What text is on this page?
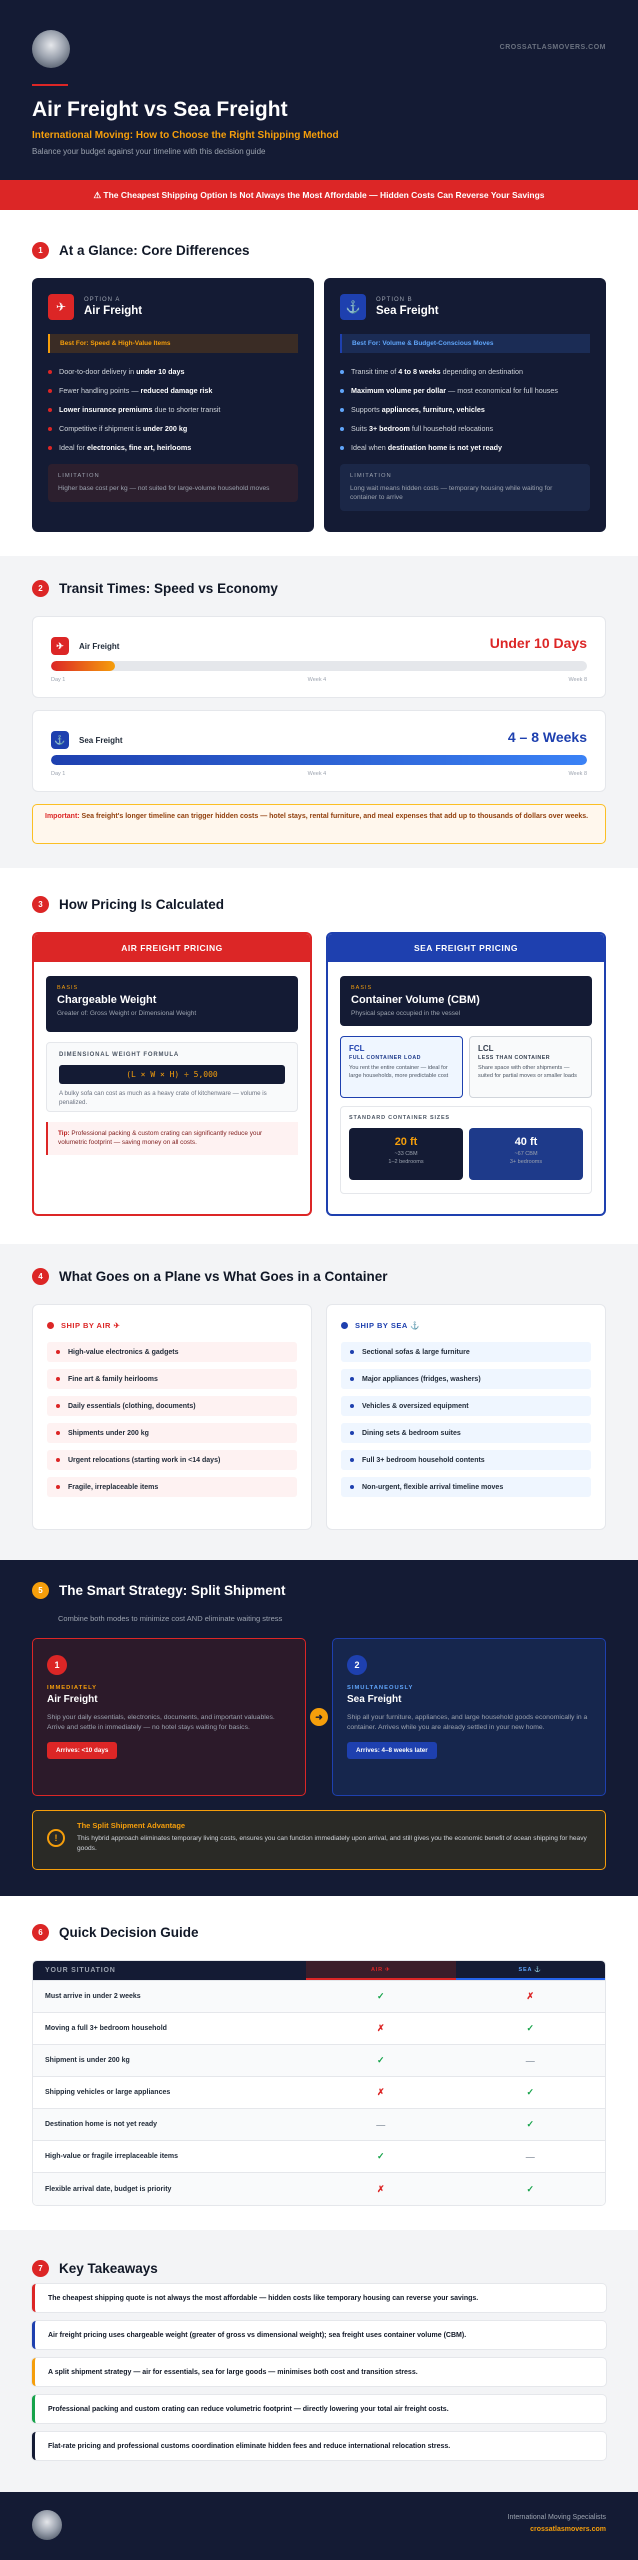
CROSSATLASMOVERS.COM
Air Freight vs Sea Freight
International Moving: How to Choose the Right Shipping Method
Balance your budget against your timeline with this decision guide
⚠ The Cheapest Shipping Option Is Not Always the Most Affordable — Hidden Costs Can Reverse Your Savings
1	At a Glance: Core Differences
✈	OPTION A
Air Freight
Best For: Speed & High-Value Items
Door-to-door delivery in under 10 days
Fewer handling points — reduced damage risk
Lower insurance premiums due to shorter transit
Competitive if shipment is under 200 kg
Ideal for electronics, fine art, heirlooms
LIMITATION
Higher base cost per kg — not suited for large-volume household moves
⚓	OPTION B
Sea Freight
Best For: Volume & Budget-Conscious Moves
Transit time of 4 to 8 weeks depending on destination
Maximum volume per dollar — most economical for full houses
Supports appliances, furniture, vehicles
Suits 3+ bedroom full household relocations
Ideal when destination home is not yet ready
LIMITATION
Long wait means hidden costs — temporary housing while waiting for container to arrive
2	Transit Times: Speed vs Economy
✈	Air Freight	Under 10 Days
Day 1	Week 4	Week 8
⚓	Sea Freight	4 – 8 Weeks
Day 1	Week 4	Week 8
Important: Sea freight's longer timeline can trigger hidden costs — hotel stays, rental furniture, and meal expenses that add up to thousands of dollars over weeks.
3	How Pricing Is Calculated
AIR FREIGHT PRICING
BASIS
Chargeable Weight
Greater of: Gross Weight or Dimensional Weight
DIMENSIONAL WEIGHT FORMULA
(L × W × H) ÷ 5,000
A bulky sofa can cost as much as a heavy crate of kitchenware — volume is penalized.
Tip: Professional packing & custom crating can significantly reduce your volumetric footprint — saving money on all costs.
SEA FREIGHT PRICING
BASIS
Container Volume (CBM)
Physical space occupied in the vessel
FCL
FULL CONTAINER LOAD
You rent the entire container — ideal for large households, more predictable cost
LCL
LESS THAN CONTAINER
Share space with other shipments — suited for partial moves or smaller loads
STANDARD CONTAINER SIZES
20 ft
~33 CBM
1–2 bedrooms
40 ft
~67 CBM
3+ bedrooms
4	What Goes on a Plane vs What Goes in a Container
SHIP BY AIR ✈
High-value electronics & gadgets
Fine art & family heirlooms
Daily essentials (clothing, documents)
Shipments under 200 kg
Urgent relocations (starting work in <14 days)
Fragile, irreplaceable items
SHIP BY SEA ⚓
Sectional sofas & large furniture
Major appliances (fridges, washers)
Vehicles & oversized equipment
Dining sets & bedroom suites
Full 3+ bedroom household contents
Non-urgent, flexible arrival timeline moves
5	The Smart Strategy: Split Shipment
Combine both modes to minimize cost AND eliminate waiting stress
1
IMMEDIATELY
Air Freight
Ship your daily essentials, electronics, documents, and important valuables. Arrive and settle in immediately — no hotel stays waiting for basics.
Arrives: <10 days
➜
2
SIMULTANEOUSLY
Sea Freight
Ship all your furniture, appliances, and large household goods economically in a container. Arrives while you are already settled in your new home.
Arrives: 4–8 weeks later
!
The Split Shipment Advantage
This hybrid approach eliminates temporary living costs, ensures you can function immediately upon arrival, and still gives you the economic benefit of ocean shipping for heavy goods.
6	Quick Decision Guide
YOUR SITUATION	AIR ✈	SEA ⚓
Must arrive in under 2 weeks	✓	✗
Moving a full 3+ bedroom household	✗	✓
Shipment is under 200 kg	✓	—
Shipping vehicles or large appliances	✗	✓
Destination home is not yet ready	—	✓
High-value or fragile irreplaceable items	✓	—
Flexible arrival date, budget is priority	✗	✓
7	Key Takeaways
The cheapest shipping quote is not always the most affordable — hidden costs like temporary housing can reverse your savings.
Air freight pricing uses chargeable weight (greater of gross vs dimensional weight); sea freight uses container volume (CBM).
A split shipment strategy — air for essentials, sea for large goods — minimises both cost and transition stress.
Professional packing and custom crating can reduce volumetric footprint — directly lowering your total air freight costs.
Flat-rate pricing and professional customs coordination eliminate hidden fees and reduce international relocation stress.
International Moving Specialists
crossatlasmovers.com
